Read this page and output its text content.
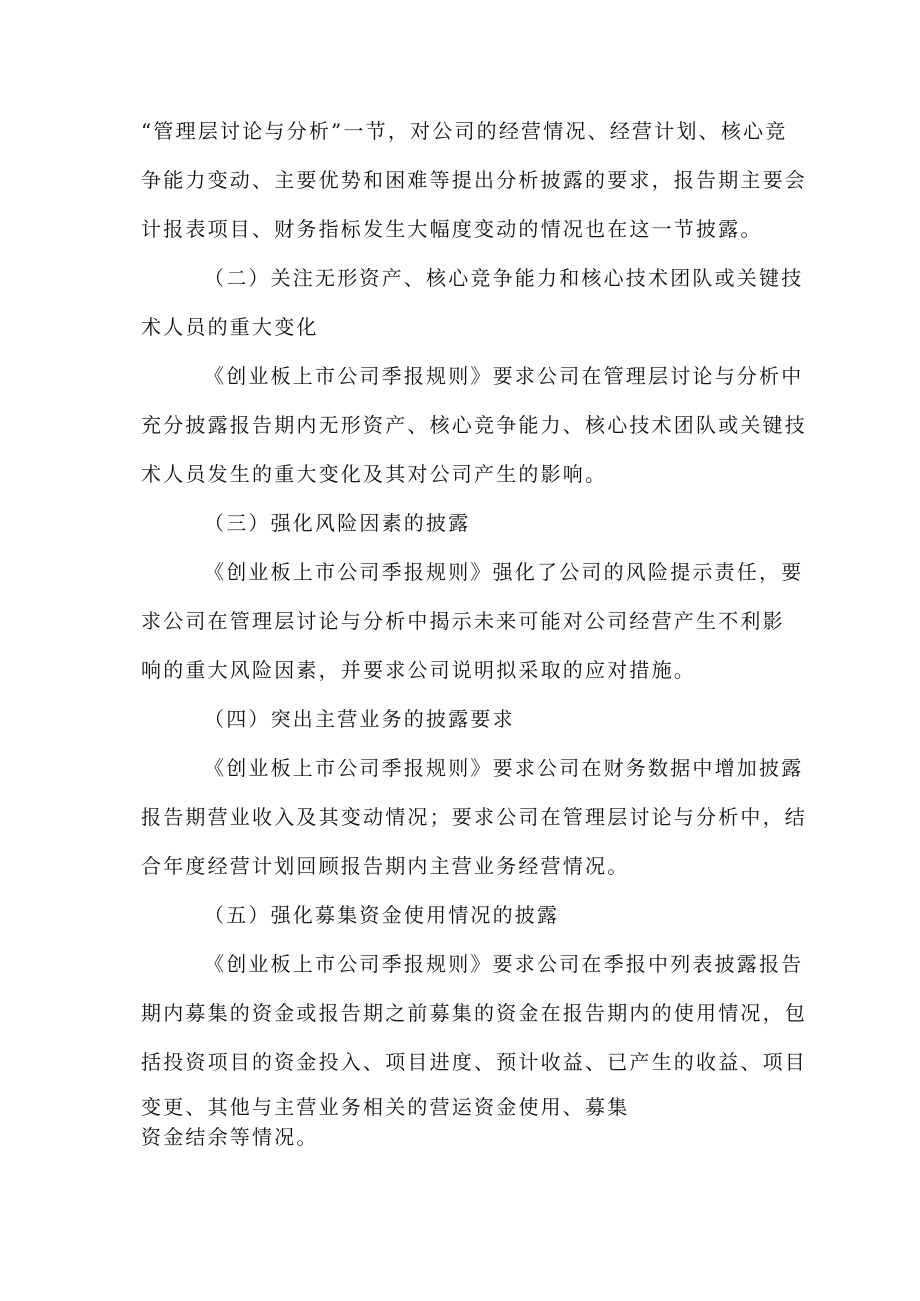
“管理层讨论与分析”一节，对公司的经营情况、经营计划、核心竞
争能力变动、主要优势和困难等提出分析披露的要求，报告期主要会
计报表项目、财务指标发生大幅度变动的情况也在这一节披露。
（二）关注无形资产、核心竞争能力和核心技术团队或关键技
术人员的重大变化
《创业板上市公司季报规则》要求公司在管理层讨论与分析中
充分披露报告期内无形资产、核心竞争能力、核心技术团队或关键技
术人员发生的重大变化及其对公司产生的影响。
（三）强化风险因素的披露
《创业板上市公司季报规则》强化了公司的风险提示责任，要
求公司在管理层讨论与分析中揭示未来可能对公司经营产生不利影
响的重大风险因素，并要求公司说明拟采取的应对措施。
（四）突出主营业务的披露要求
《创业板上市公司季报规则》要求公司在财务数据中增加披露
报告期营业收入及其变动情况；要求公司在管理层讨论与分析中，结
合年度经营计划回顾报告期内主营业务经营情况。
（五）强化募集资金使用情况的披露
《创业板上市公司季报规则》要求公司在季报中列表披露报告
期内募集的资金或报告期之前募集的资金在报告期内的使用情况，包
括投资项目的资金投入、项目进度、预计收益、已产生的收益、项目
变更、其他与主营业务相关的营运资金使用、募集
资金结余等情况。
